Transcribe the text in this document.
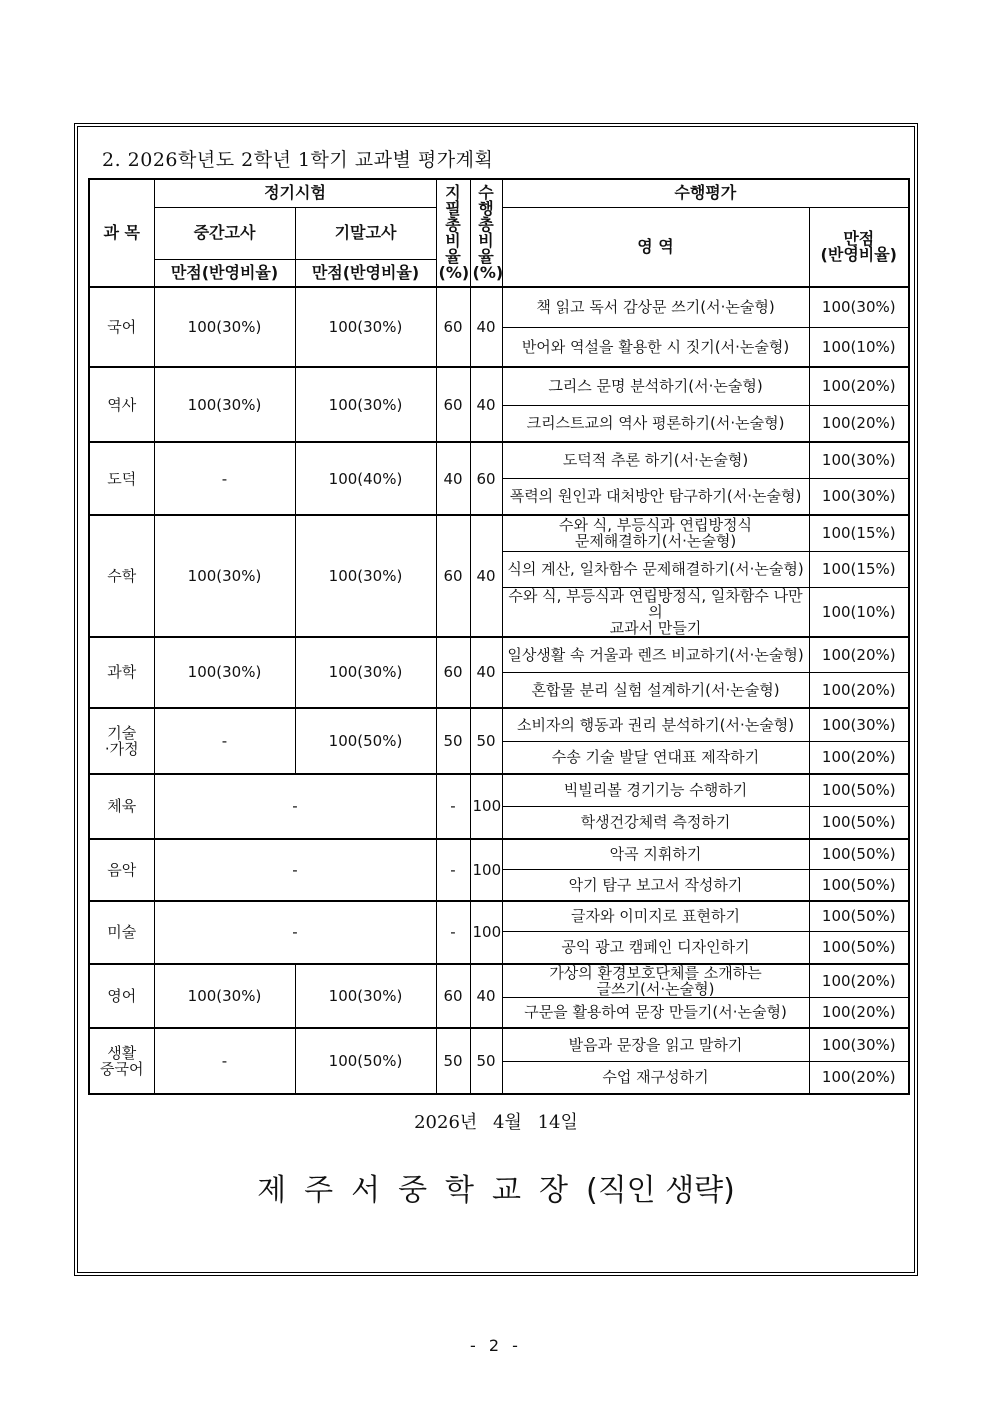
2. 2026학년도 2학년 1학기 교과별 평가계획
과 목	정기시험		지필
총
비율
(%)	수행
총
비율
(%)	수행평가	
	중간고사	기말고사			영 역	만점
(반영비율)
	만점(반영비율)	만점(반영비율)				
국어	100(30%)	100(30%)	60	40	책 읽고 독서 감상문 쓰기(서·논술형)	100(30%)
					반어와 역설을 활용한 시 짓기(서·논술형)	100(10%)
역사	100(30%)	100(30%)	60	40	그리스 문명 분석하기(서·논술형)	100(20%)
					크리스트교의 역사 평론하기(서·논술형)	100(20%)
도덕	-	100(40%)	40	60	도덕적 추론 하기(서·논술형)	100(30%)
					폭력의 원인과 대처방안 탐구하기(서·논술형)	100(30%)
수학	100(30%)	100(30%)	60	40	수와 식, 부등식과 연립방정식
문제해결하기(서·논술형)	100(15%)
					식의 계산, 일차함수 문제해결하기(서·논술형)	100(15%)
					수와 식, 부등식과 연립방정식, 일차함수 나만의
교과서 만들기	100(10%)
과학	100(30%)	100(30%)	60	40	일상생활 속 거울과 렌즈 비교하기(서·논술형)	100(20%)
					혼합물 분리 실험 설계하기(서·논술형)	100(20%)
기술
·가정	-	100(50%)	50	50	소비자의 행동과 권리 분석하기(서·논술형)	100(30%)
					수송 기술 발달 연대표 제작하기	100(20%)
체육	-		-	100	빅빌리볼 경기기능 수행하기	100(50%)
					학생건강체력 측정하기	100(50%)
음악	-		-	100	악곡 지휘하기	100(50%)
					악기 탐구 보고서 작성하기	100(50%)
미술	-		-	100	글자와 이미지로 표현하기	100(50%)
					공익 광고 캠페인 디자인하기	100(50%)
영어	100(30%)	100(30%)	60	40	가상의 환경보호단체를 소개하는
글쓰기(서·논술형)	100(20%)
					구문을 활용하여 문장 만들기(서·논술형)	100(20%)
생활
중국어	-	100(50%)	50	50	발음과 문장을 읽고 말하기	100(30%)
					수업 재구성하기	100(20%)
2026년 4월 14일
제주서중학교장(직인 생략)
- 2 -
